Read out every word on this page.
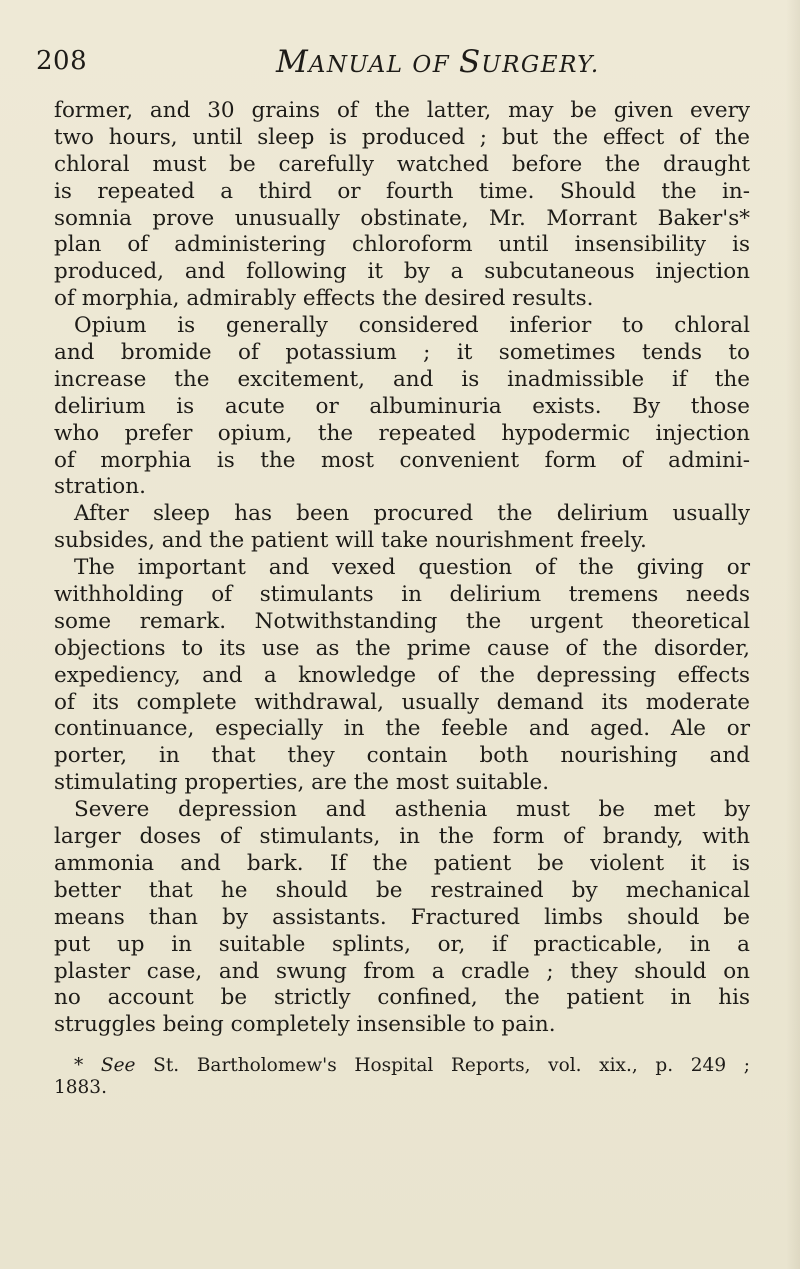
208	MANUAL OF SURGERY.
former, and 30 grains of the latter, may be given every
two hours, until sleep is produced ; but the effect of the
chloral must be carefully watched before the draught
is repeated a third or fourth time. Should the in-
somnia prove unusually obstinate, Mr. Morrant Baker's*
plan of administering chloroform until insensibility is
produced, and following it by a subcutaneous injection
of morphia, admirably effects the desired results.
Opium is generally considered inferior to chloral
and bromide of potassium ; it sometimes tends to
increase the excitement, and is inadmissible if the
delirium is acute or albuminuria exists. By those
who prefer opium, the repeated hypodermic injection
of morphia is the most convenient form of admini-
stration.
After sleep has been procured the delirium usually
subsides, and the patient will take nourishment freely.
The important and vexed question of the giving or
withholding of stimulants in delirium tremens needs
some remark. Notwithstanding the urgent theoretical
objections to its use as the prime cause of the disorder,
expediency, and a knowledge of the depressing effects
of its complete withdrawal, usually demand its moderate
continuance, especially in the feeble and aged. Ale or
porter, in that they contain both nourishing and
stimulating properties, are the most suitable.
Severe depression and asthenia must be met by
larger doses of stimulants, in the form of brandy, with
ammonia and bark. If the patient be violent it is
better that he should be restrained by mechanical
means than by assistants. Fractured limbs should be
put up in suitable splints, or, if practicable, in a
plaster case, and swung from a cradle ; they should on
no account be strictly confined, the patient in his
struggles being completely insensible to pain.
* See St. Bartholomew's Hospital Reports, vol. xix., p. 249 ;
1883.
